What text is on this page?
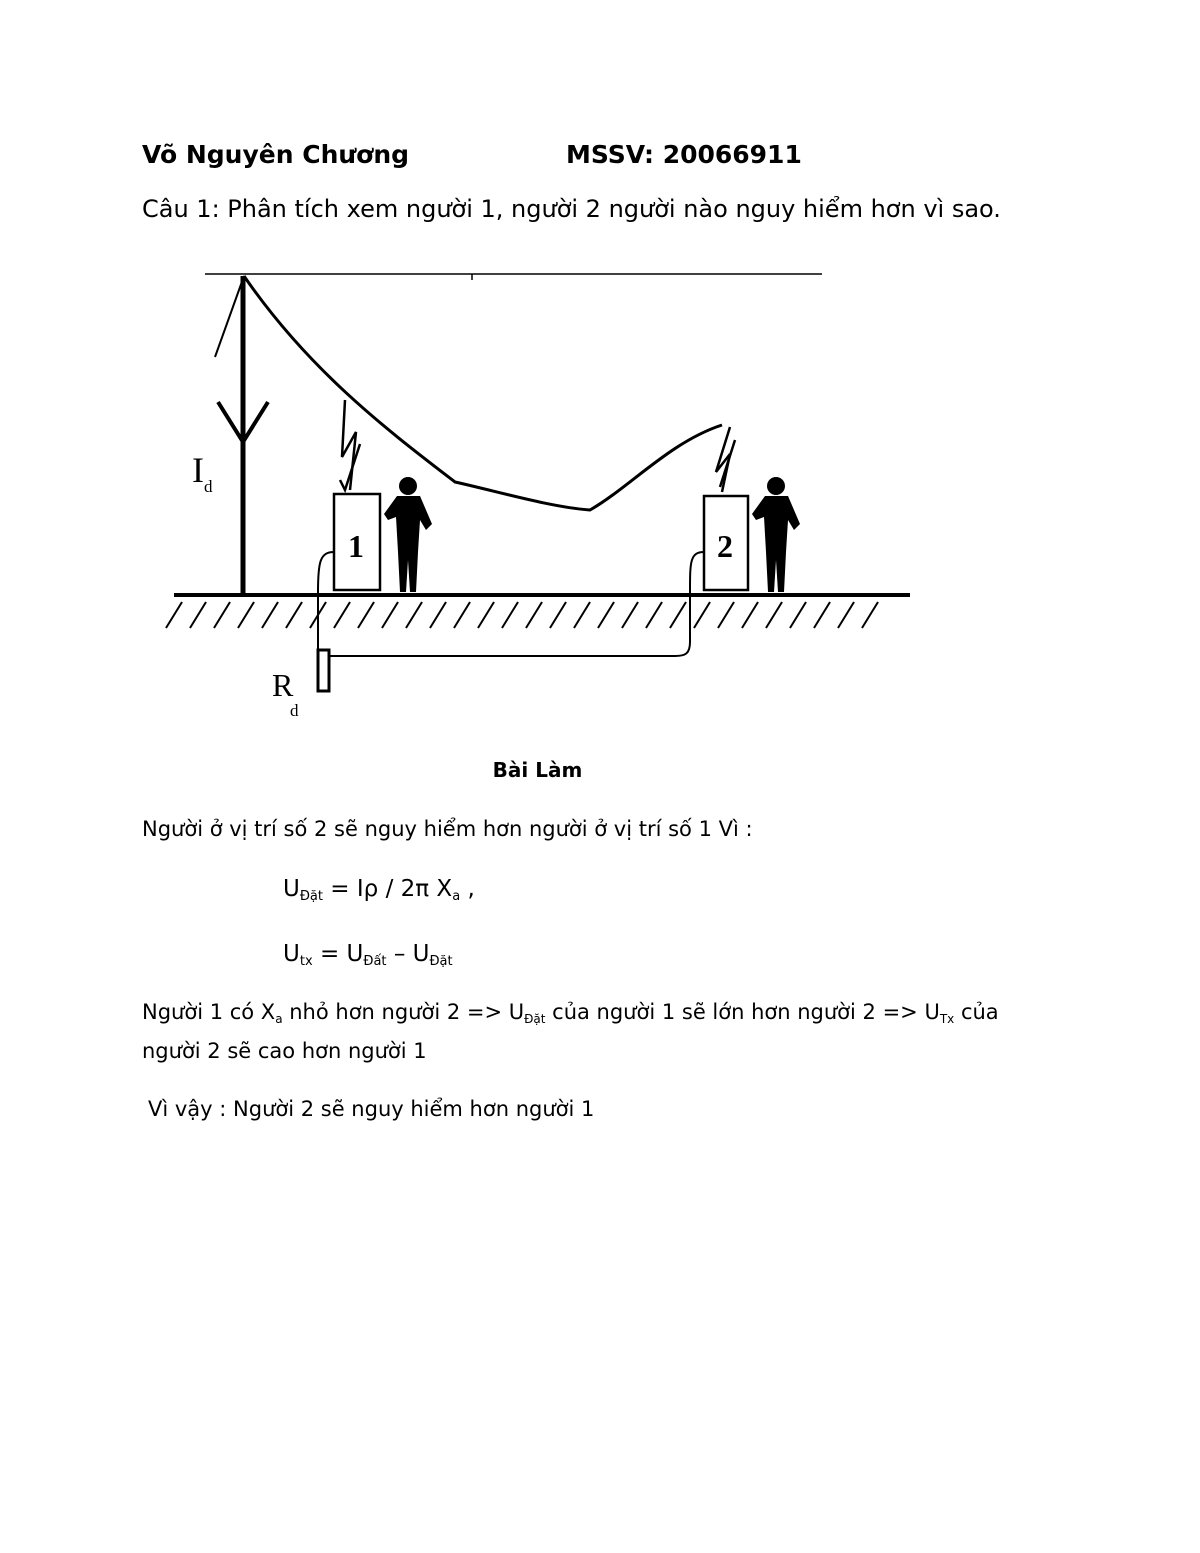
Võ Nguyên Chương	MSSV: 20066911
Câu 1: Phân tích xem người 1, người 2 người nào nguy hiểm hơn vì sao.
I d
1	2
R
d
Bài Làm
Người ở vị trí số 2 sẽ nguy hiểm hơn người ở vị trí số 1 Vì :
$U_{Đặt} = I\rho / 2\pi$ $X_a$ ,
$U_{tx} = U_{Đất} - U_{Đặt}$
Người 1 có Xa nhỏ hơn người 2 => UĐặt của người 1 sẽ lớn hơn người 2 => UTx của
người 2 sẽ cao hơn người 1
Vì vậy : Người 2 sẽ nguy hiểm hơn người 1
